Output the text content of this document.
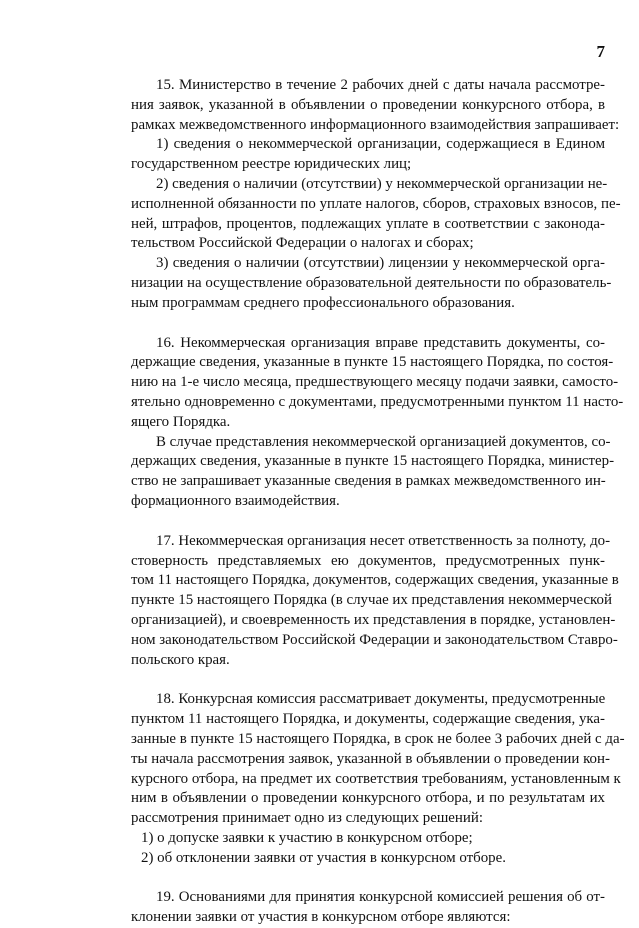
7
15. Министерство в течение 2 рабочих дней с даты начала рассмотре-
ния заявок, указанной в объявлении о проведении конкурсного отбора, в
рамках межведомственного информационного взаимодействия запрашивает:
1) сведения о некоммерческой организации, содержащиеся в Едином
государственном реестре юридических лиц;
2) сведения о наличии (отсутствии) у некоммерческой организации не-
исполненной обязанности по уплате налогов, сборов, страховых взносов, пе-
ней, штрафов, процентов, подлежащих уплате в соответствии с законода-
тельством Российской Федерации о налогах и сборах;
3) сведения о наличии (отсутствии) лицензии у некоммерческой орга-
низации на осуществление образовательной деятельности по образователь-
ным программам среднего профессионального образования.
16. Некоммерческая организация вправе представить документы, со-
держащие сведения, указанные в пункте 15 настоящего Порядка, по состоя-
нию на 1-е число месяца, предшествующего месяцу подачи заявки, самосто-
ятельно одновременно с документами, предусмотренными пунктом 11 насто-
ящего Порядка.
В случае представления некоммерческой организацией документов, со-
держащих сведения, указанные в пункте 15 настоящего Порядка, министер-
ство не запрашивает указанные сведения в рамках межведомственного ин-
формационного взаимодействия.
17. Некоммерческая организация несет ответственность за полноту, до-
стоверность представляемых ею документов, предусмотренных пунк-
том 11 настоящего Порядка, документов, содержащих сведения, указанные в
пункте 15 настоящего Порядка (в случае их представления некоммерческой
организацией), и своевременность их представления в порядке, установлен-
ном законодательством Российской Федерации и законодательством Ставро-
польского края.
18. Конкурсная комиссия рассматривает документы, предусмотренные
пунктом 11 настоящего Порядка, и документы, содержащие сведения, ука-
занные в пункте 15 настоящего Порядка, в срок не более 3 рабочих дней с да-
ты начала рассмотрения заявок, указанной в объявлении о проведении кон-
курсного отбора, на предмет их соответствия требованиям, установленным к
ним в объявлении о проведении конкурсного отбора, и по результатам их
рассмотрения принимает одно из следующих решений:
1) о допуске заявки к участию в конкурсном отборе;
2) об отклонении заявки от участия в конкурсном отборе.
19. Основаниями для принятия конкурсной комиссией решения об от-
клонении заявки от участия в конкурсном отборе являются:
